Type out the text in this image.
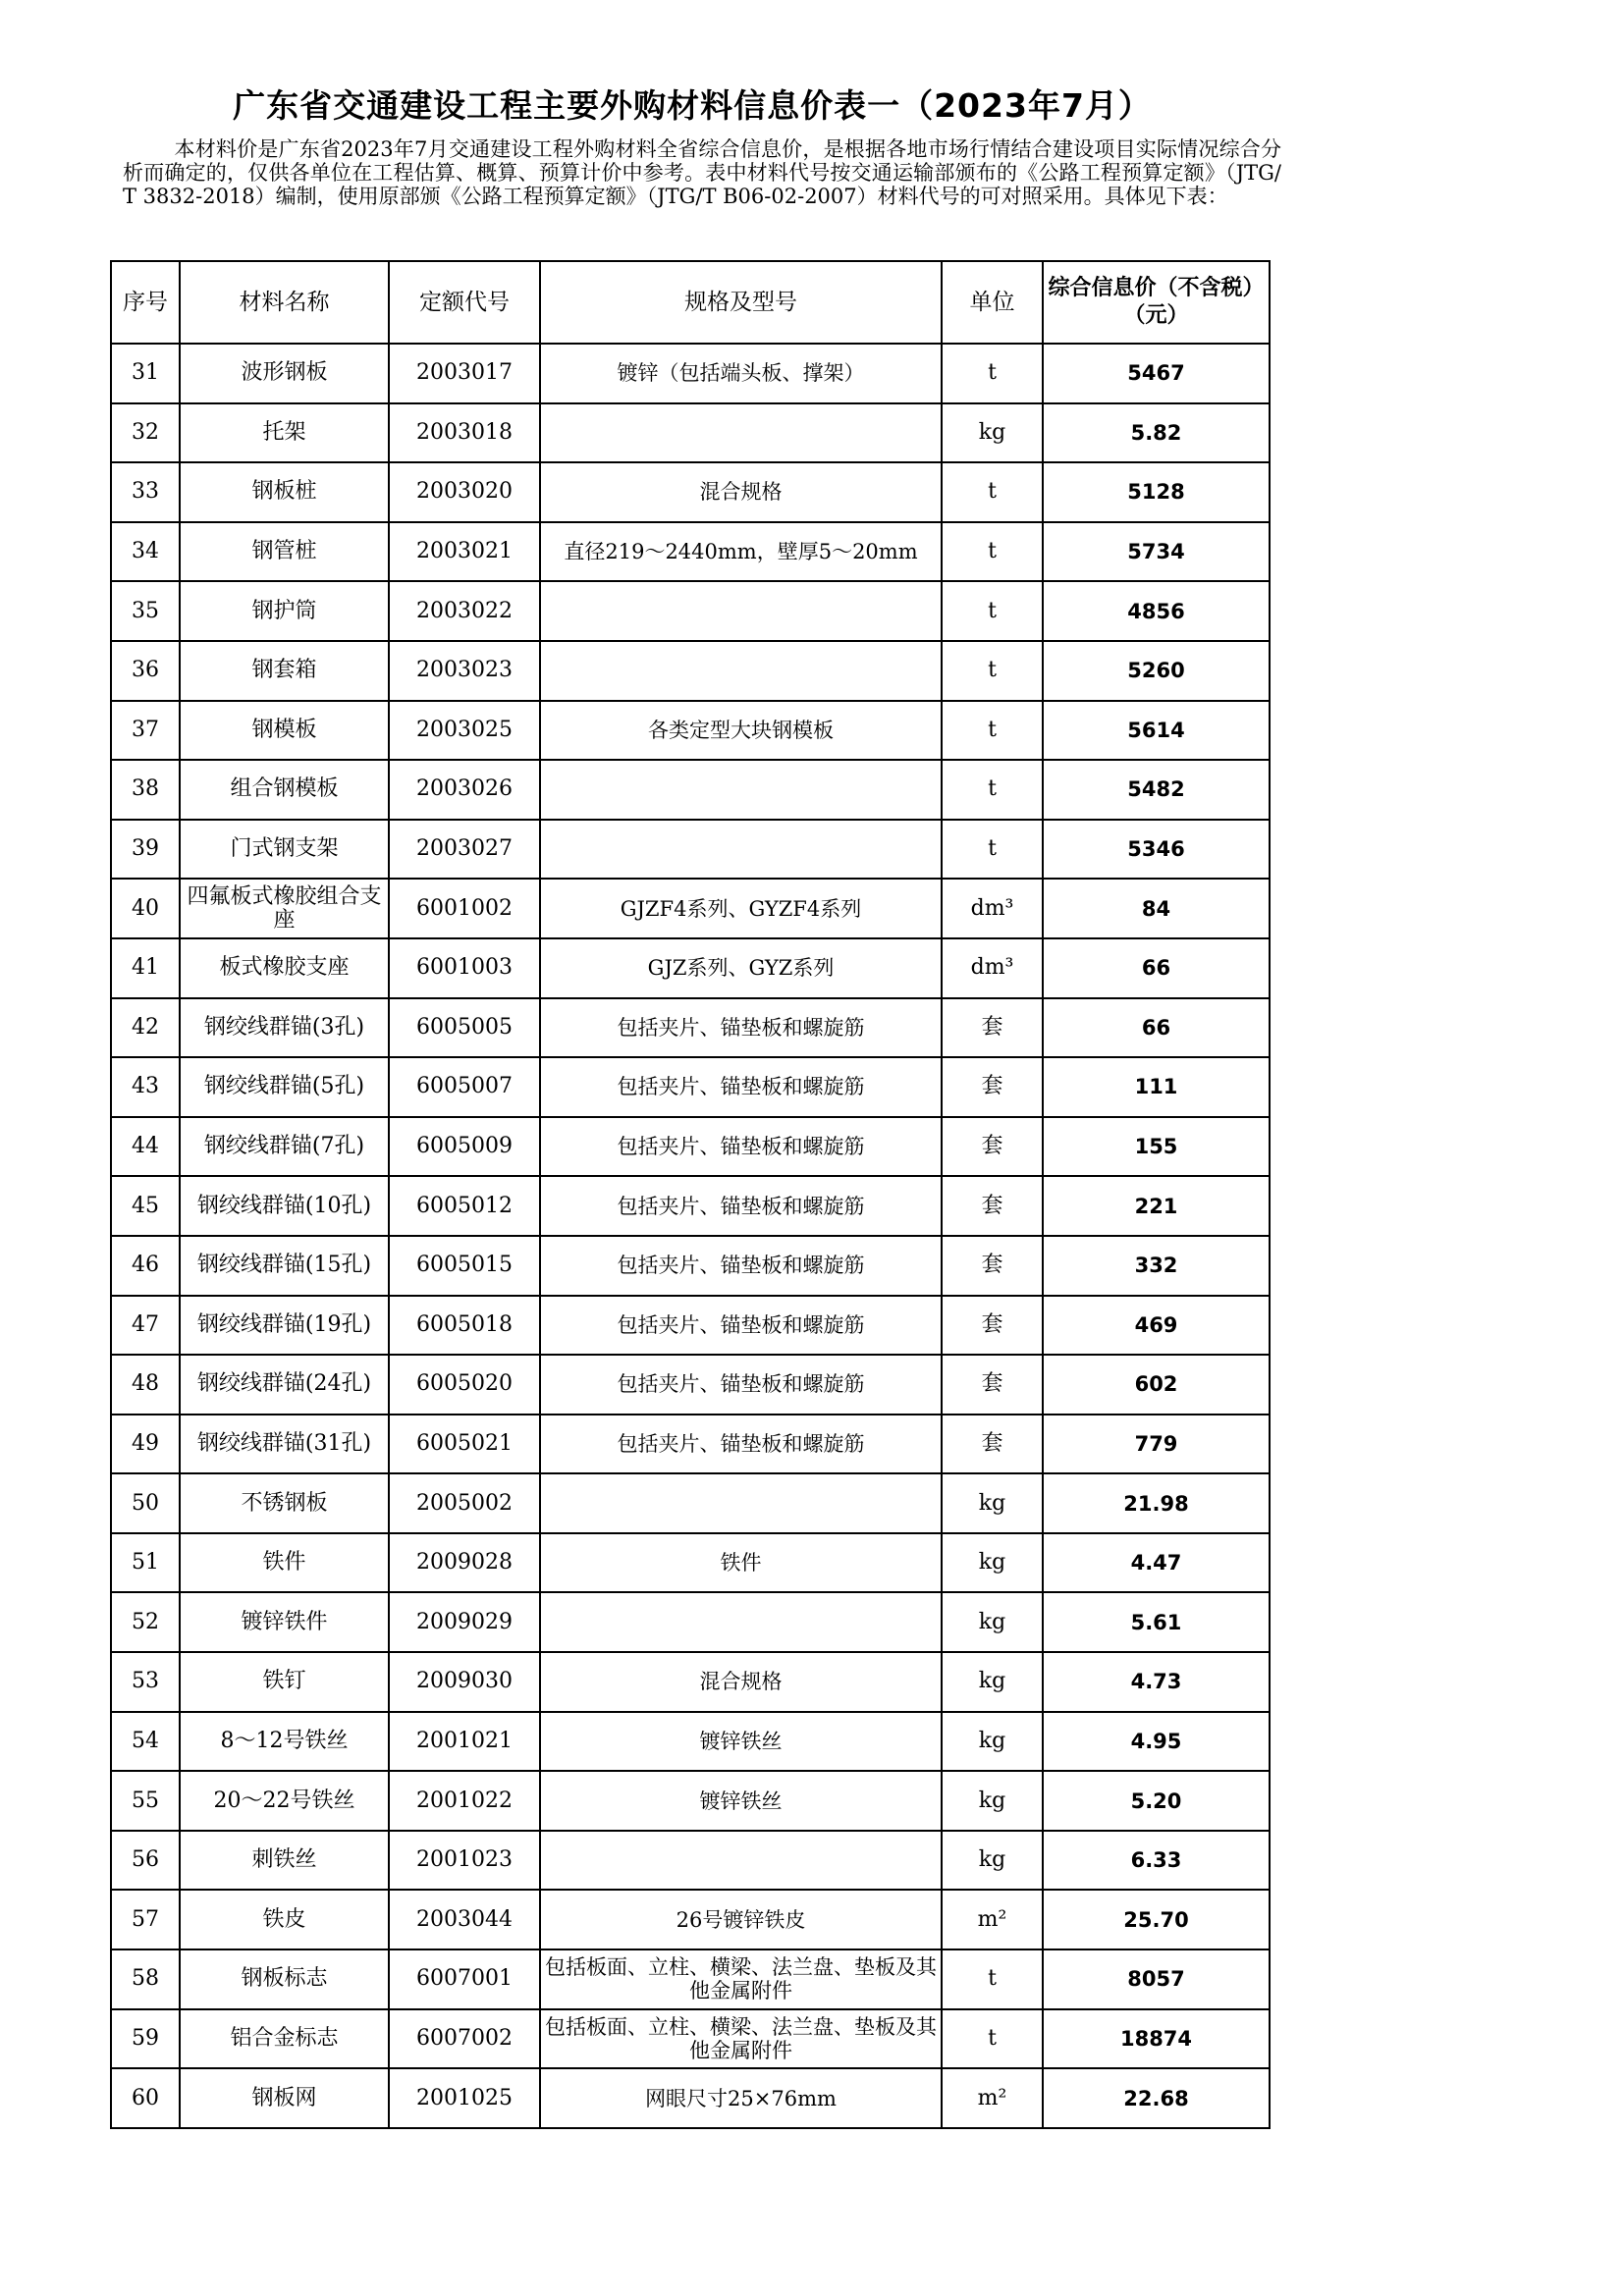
广东省交通建设工程主要外购材料信息价表一（2023年7月）
本材料价是广东省2023年7月交通建设工程外购材料全省综合信息价，是根据各地市场行情结合建设项目实际情况综合分析而确定的，仅供各单位在工程估算、概算、预算计价中参考。表中材料代号按交通运输部颁布的《公路工程预算定额》（JTG/T 3832-2018）编制，使用原部颁《公路工程预算定额》（JTG/T B06-02-2007）材料代号的可对照采用。具体见下表：
序号	材料名称	定额代号	规格及型号	单位	综合信息价（不含税）（元）
31	波形钢板	2003017	镀锌（包括端头板、撑架）	t	5467
32	托架	2003018		kg	5.82
33	钢板桩	2003020	混合规格	t	5128
34	钢管桩	2003021	直径219～2440mm，壁厚5～20mm	t	5734
35	钢护筒	2003022		t	4856
36	钢套箱	2003023		t	5260
37	钢模板	2003025	各类定型大块钢模板	t	5614
38	组合钢模板	2003026		t	5482
39	门式钢支架	2003027		t	5346
40	四氟板式橡胶组合支座	6001002	GJZF4系列、GYZF4系列	dm³	84
41	板式橡胶支座	6001003	GJZ系列、GYZ系列	dm³	66
42	钢绞线群锚(3孔)	6005005	包括夹片、锚垫板和螺旋筋	套	66
43	钢绞线群锚(5孔)	6005007	包括夹片、锚垫板和螺旋筋	套	111
44	钢绞线群锚(7孔)	6005009	包括夹片、锚垫板和螺旋筋	套	155
45	钢绞线群锚(10孔)	6005012	包括夹片、锚垫板和螺旋筋	套	221
46	钢绞线群锚(15孔)	6005015	包括夹片、锚垫板和螺旋筋	套	332
47	钢绞线群锚(19孔)	6005018	包括夹片、锚垫板和螺旋筋	套	469
48	钢绞线群锚(24孔)	6005020	包括夹片、锚垫板和螺旋筋	套	602
49	钢绞线群锚(31孔)	6005021	包括夹片、锚垫板和螺旋筋	套	779
50	不锈钢板	2005002		kg	21.98
51	铁件	2009028	铁件	kg	4.47
52	镀锌铁件	2009029		kg	5.61
53	铁钉	2009030	混合规格	kg	4.73
54	8～12号铁丝	2001021	镀锌铁丝	kg	4.95
55	20～22号铁丝	2001022	镀锌铁丝	kg	5.20
56	刺铁丝	2001023		kg	6.33
57	铁皮	2003044	26号镀锌铁皮	m²	25.70
58	钢板标志	6007001	包括板面、立柱、横梁、法兰盘、垫板及其他金属附件	t	8057
59	铝合金标志	6007002	包括板面、立柱、横梁、法兰盘、垫板及其他金属附件	t	18874
60	钢板网	2001025	网眼尺寸25×76mm	m²	22.68
